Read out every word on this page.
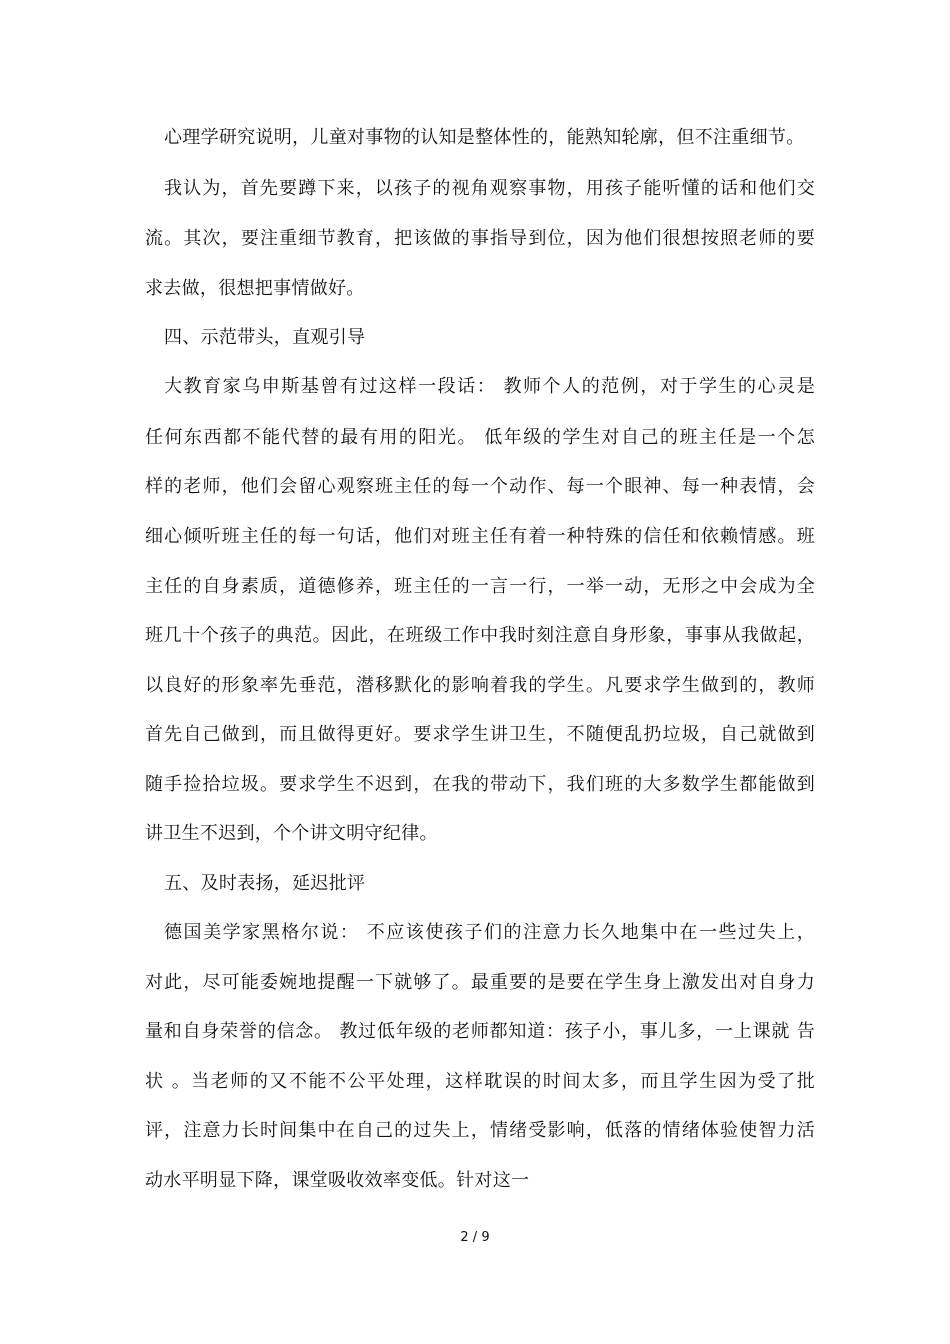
心理学研究说明，儿童对事物的认知是整体性的，能熟知轮廓，但不注重细节。
我认为，首先要蹲下来，以孩子的视角观察事物，用孩子能听懂的话和他们交
流。其次，要注重细节教育，把该做的事指导到位，因为他们很想按照老师的要
求去做，很想把事情做好。
四、示范带头，直观引导
大教育家乌申斯基曾有过这样一段话： 教师个人的范例，对于学生的心灵是
任何东西都不能代替的最有用的阳光。 低年级的学生对自己的班主任是一个怎
样的老师，他们会留心观察班主任的每一个动作、每一个眼神、每一种表情，会
细心倾听班主任的每一句话，他们对班主任有着一种特殊的信任和依赖情感。班
主任的自身素质，道德修养，班主任的一言一行，一举一动，无形之中会成为全
班几十个孩子的典范。因此，在班级工作中我时刻注意自身形象，事事从我做起，
以良好的形象率先垂范，潜移默化的影响着我的学生。凡要求学生做到的，教师
首先自己做到，而且做得更好。要求学生讲卫生，不随便乱扔垃圾，自己就做到
随手捡拾垃圾。要求学生不迟到，在我的带动下，我们班的大多数学生都能做到
讲卫生不迟到，个个讲文明守纪律。
五、及时表扬，延迟批评
德国美学家黑格尔说： 不应该使孩子们的注意力长久地集中在一些过失上，
对此，尽可能委婉地提醒一下就够了。最重要的是要在学生身上激发出对自身力
量和自身荣誉的信念。 教过低年级的老师都知道：孩子小，事儿多，一上课就 告
状 。当老师的又不能不公平处理，这样耽误的时间太多，而且学生因为受了批
评，注意力长时间集中在自己的过失上，情绪受影响，低落的情绪体验使智力活
动水平明显下降，课堂吸收效率变低。针对这一
2 / 9
